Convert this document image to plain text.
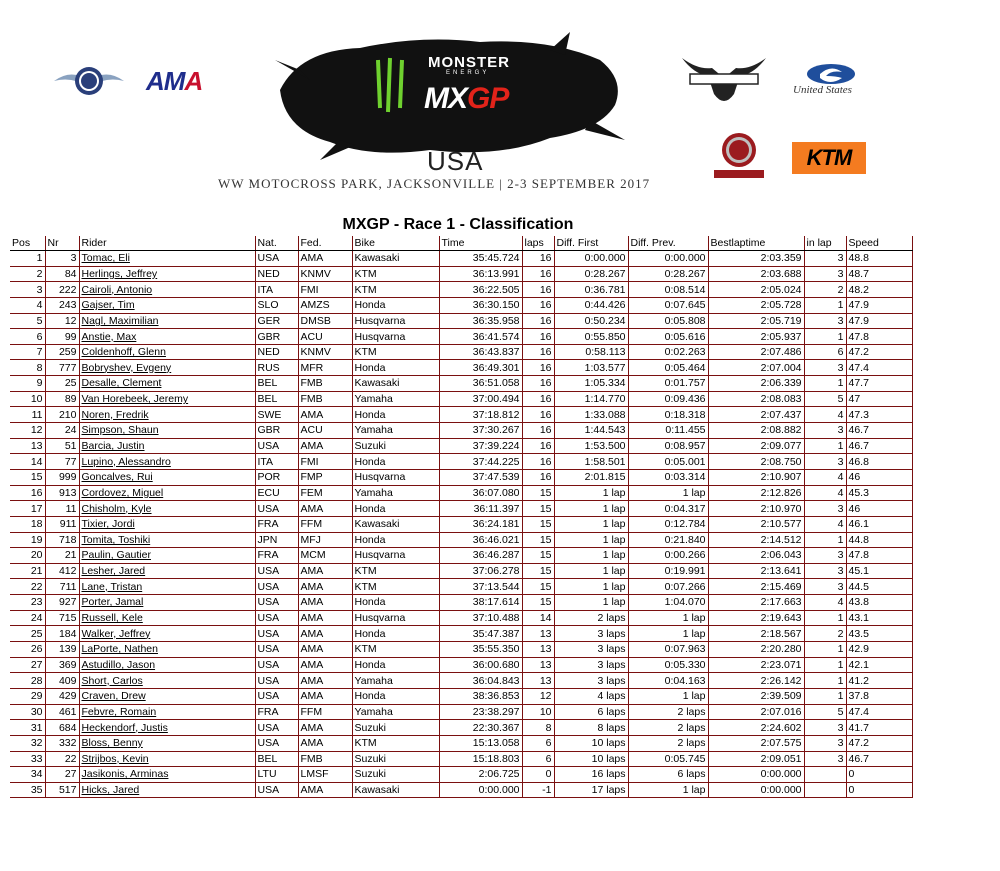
AMA
MONSTER
ENERGY
MXGP
USA
WW MOTOCROSS PARK, JACKSONVILLE | 2-3 SEPTEMBER 2017
United States
KTM
MXGP - Race 1 - Classification
Pos	Nr	Rider	Nat.	Fed.	Bike	Time	laps	Diff. First	Diff. Prev.	Bestlaptime	in lap	Speed
1	3	Tomac, Eli	USA	AMA	Kawasaki	35:45.724	16	0:00.000	0:00.000	2:03.359	3	48.8
2	84	Herlings, Jeffrey	NED	KNMV	KTM	36:13.991	16	0:28.267	0:28.267	2:03.688	3	48.7
3	222	Cairoli, Antonio	ITA	FMI	KTM	36:22.505	16	0:36.781	0:08.514	2:05.024	2	48.2
4	243	Gajser, Tim	SLO	AMZS	Honda	36:30.150	16	0:44.426	0:07.645	2:05.728	1	47.9
5	12	Nagl, Maximilian	GER	DMSB	Husqvarna	36:35.958	16	0:50.234	0:05.808	2:05.719	3	47.9
6	99	Anstie, Max	GBR	ACU	Husqvarna	36:41.574	16	0:55.850	0:05.616	2:05.937	1	47.8
7	259	Coldenhoff, Glenn	NED	KNMV	KTM	36:43.837	16	0:58.113	0:02.263	2:07.486	6	47.2
8	777	Bobryshev, Evgeny	RUS	MFR	Honda	36:49.301	16	1:03.577	0:05.464	2:07.004	3	47.4
9	25	Desalle, Clement	BEL	FMB	Kawasaki	36:51.058	16	1:05.334	0:01.757	2:06.339	1	47.7
10	89	Van Horebeek, Jeremy	BEL	FMB	Yamaha	37:00.494	16	1:14.770	0:09.436	2:08.083	5	47
11	210	Noren, Fredrik	SWE	AMA	Honda	37:18.812	16	1:33.088	0:18.318	2:07.437	4	47.3
12	24	Simpson, Shaun	GBR	ACU	Yamaha	37:30.267	16	1:44.543	0:11.455	2:08.882	3	46.7
13	51	Barcia, Justin	USA	AMA	Suzuki	37:39.224	16	1:53.500	0:08.957	2:09.077	1	46.7
14	77	Lupino, Alessandro	ITA	FMI	Honda	37:44.225	16	1:58.501	0:05.001	2:08.750	3	46.8
15	999	Goncalves, Rui	POR	FMP	Husqvarna	37:47.539	16	2:01.815	0:03.314	2:10.907	4	46
16	913	Cordovez, Miguel	ECU	FEM	Yamaha	36:07.080	15	1 lap	1 lap	2:12.826	4	45.3
17	11	Chisholm, Kyle	USA	AMA	Honda	36:11.397	15	1 lap	0:04.317	2:10.970	3	46
18	911	Tixier, Jordi	FRA	FFM	Kawasaki	36:24.181	15	1 lap	0:12.784	2:10.577	4	46.1
19	718	Tomita, Toshiki	JPN	MFJ	Honda	36:46.021	15	1 lap	0:21.840	2:14.512	1	44.8
20	21	Paulin, Gautier	FRA	MCM	Husqvarna	36:46.287	15	1 lap	0:00.266	2:06.043	3	47.8
21	412	Lesher, Jared	USA	AMA	KTM	37:06.278	15	1 lap	0:19.991	2:13.641	3	45.1
22	711	Lane, Tristan	USA	AMA	KTM	37:13.544	15	1 lap	0:07.266	2:15.469	3	44.5
23	927	Porter, Jamal	USA	AMA	Honda	38:17.614	15	1 lap	1:04.070	2:17.663	4	43.8
24	715	Russell, Kele	USA	AMA	Husqvarna	37:10.488	14	2 laps	1 lap	2:19.643	1	43.1
25	184	Walker, Jeffrey	USA	AMA	Honda	35:47.387	13	3 laps	1 lap	2:18.567	2	43.5
26	139	LaPorte, Nathen	USA	AMA	KTM	35:55.350	13	3 laps	0:07.963	2:20.280	1	42.9
27	369	Astudillo, Jason	USA	AMA	Honda	36:00.680	13	3 laps	0:05.330	2:23.071	1	42.1
28	409	Short, Carlos	USA	AMA	Yamaha	36:04.843	13	3 laps	0:04.163	2:26.142	1	41.2
29	429	Craven, Drew	USA	AMA	Honda	38:36.853	12	4 laps	1 lap	2:39.509	1	37.8
30	461	Febvre, Romain	FRA	FFM	Yamaha	23:38.297	10	6 laps	2 laps	2:07.016	5	47.4
31	684	Heckendorf, Justis	USA	AMA	Suzuki	22:30.367	8	8 laps	2 laps	2:24.602	3	41.7
32	332	Bloss, Benny	USA	AMA	KTM	15:13.058	6	10 laps	2 laps	2:07.575	3	47.2
33	22	Strijbos, Kevin	BEL	FMB	Suzuki	15:18.803	6	10 laps	0:05.745	2:09.051	3	46.7
34	27	Jasikonis, Arminas	LTU	LMSF	Suzuki	2:06.725	0	16 laps	6 laps	0:00.000		0
35	517	Hicks, Jared	USA	AMA	Kawasaki	0:00.000	-1	17 laps	1 lap	0:00.000		0
